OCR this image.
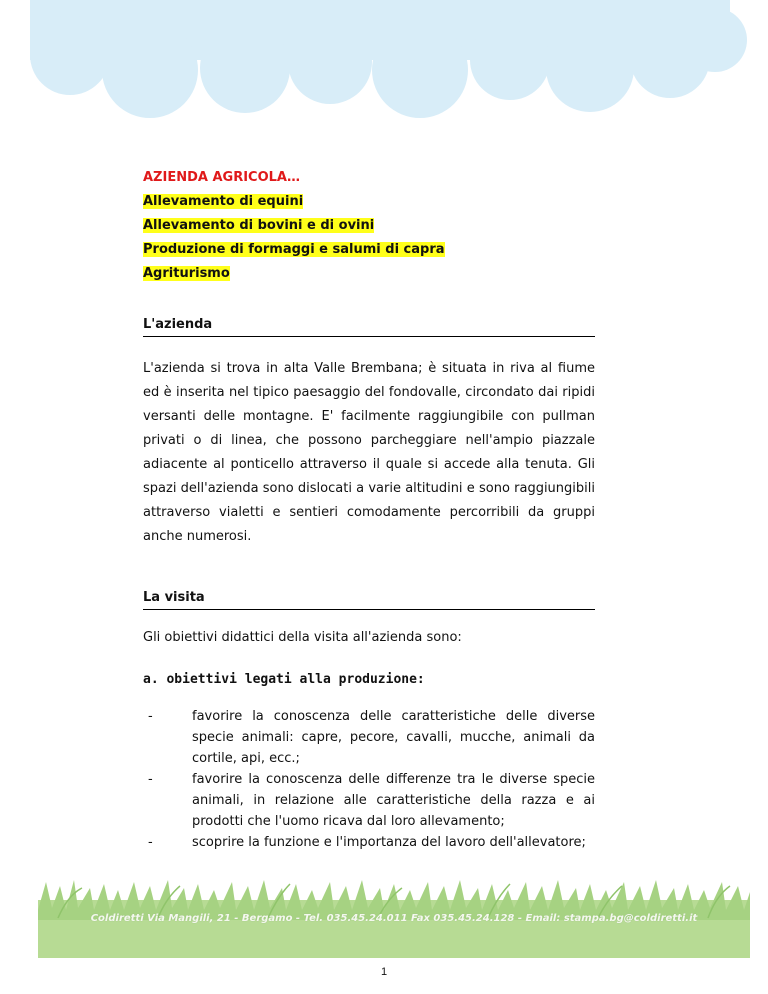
AZIENDA AGRICOLA…
Allevamento di equini
Allevamento di bovini e di ovini
Produzione di formaggi e salumi di capra
Agriturismo
L'azienda
L'azienda si trova in alta Valle Brembana; è situata in riva al fiume ed è inserita nel tipico paesaggio del fondovalle, circondato dai ripidi versanti delle montagne. E' facilmente raggiungibile con pullman privati o di linea, che possono parcheggiare nell'ampio piazzale adiacente al ponticello attraverso il quale si accede alla tenuta. Gli spazi dell'azienda sono dislocati a varie altitudini e sono raggiungibili attraverso vialetti e sentieri comodamente percorribili da gruppi anche numerosi.
La visita
Gli obiettivi didattici della visita all'azienda sono:
a. obiettivi legati alla produzione:
-	favorire la conoscenza delle caratteristiche delle diverse specie animali: capre, pecore, cavalli, mucche, animali da cortile, api, ecc.;
-	favorire la conoscenza delle differenze tra le diverse specie animali, in relazione alle caratteristiche della razza e ai prodotti che l'uomo ricava dal loro allevamento;
-	scoprire la funzione e l'importanza del lavoro dell'allevatore;
Coldiretti Via Mangili, 21 - Bergamo - Tel. 035.45.24.011 Fax 035.45.24.128 - Email: stampa.bg@coldiretti.it
1
